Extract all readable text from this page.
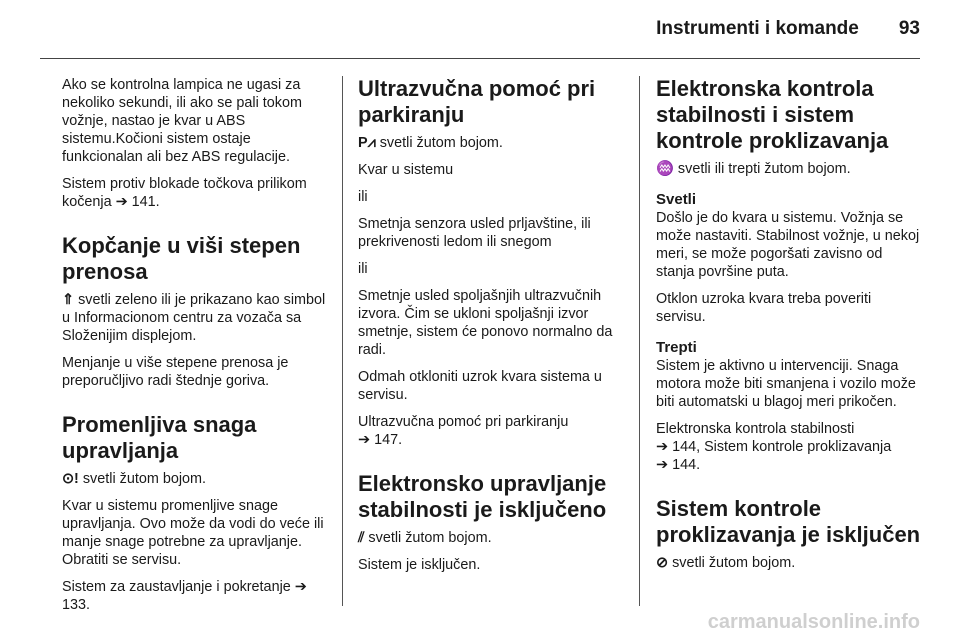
Instrumenti i komande 93

Ako se kontrolna lampica ne ugasi za nekoliko sekundi, ili ako se pali tokom vožnje, nastao je kvar u ABS sistemu.Kočioni sistem ostaje funkcionalan ali bez ABS regulacije.

Sistem protiv blokade točkova prilikom kočenja ➔ 141.

Kopčanje u viši stepen prenosa

⇑ svetli zeleno ili je prikazano kao simbol u Informacionom centru za vozača sa Složenijim displejom.

Menjanje u više stepene prenosa je preporučljivo radi štednje goriva.

Promenljiva snaga upravljanja

⊙! svetli žutom bojom.

Kvar u sistemu promenljive snage upravljanja. Ovo može da vodi do veće ili manje snage potrebne za upravljanje. Obratiti se servisu.

Sistem za zaustavljanje i pokretanje ➔ 133.

Ultrazvučna pomoć pri parkiranju

P⩘ svetli žutom bojom.

Kvar u sistemu

ili

Smetnja senzora usled prljavštine, ili prekrivenosti ledom ili snegom

ili

Smetnje usled spoljašnjih ultrazvučnih izvora. Čim se ukloni spoljašnji izvor smetnje, sistem će ponovo normalno da radi.

Odmah otkloniti uzrok kvara sistema u servisu.

Ultrazvučna pomoć pri parkiranju
➔ 147.

Elektronsko upravljanje stabilnosti je isključeno

⫽ svetli žutom bojom.

Sistem je isključen.

Elektronska kontrola stabilnosti i sistem kontrole proklizavanja

♒ svetli ili trepti žutom bojom.

Svetli

Došlo je do kvara u sistemu. Vožnja se može nastaviti. Stabilnost vožnje, u nekoj meri, se može pogoršati zavisno od stanja površine puta.

Otklon uzroka kvara treba poveriti servisu.

Trepti

Sistem je aktivno u intervenciji. Snaga motora može biti smanjena i vozilo može biti automatski u blagoj meri prikočen.

Elektronska kontrola stabilnosti
➔ 144, Sistem kontrole proklizavanja
➔ 144.

Sistem kontrole proklizavanja je isključen

⊘ svetli žutom bojom.

carmanualsonline.info
